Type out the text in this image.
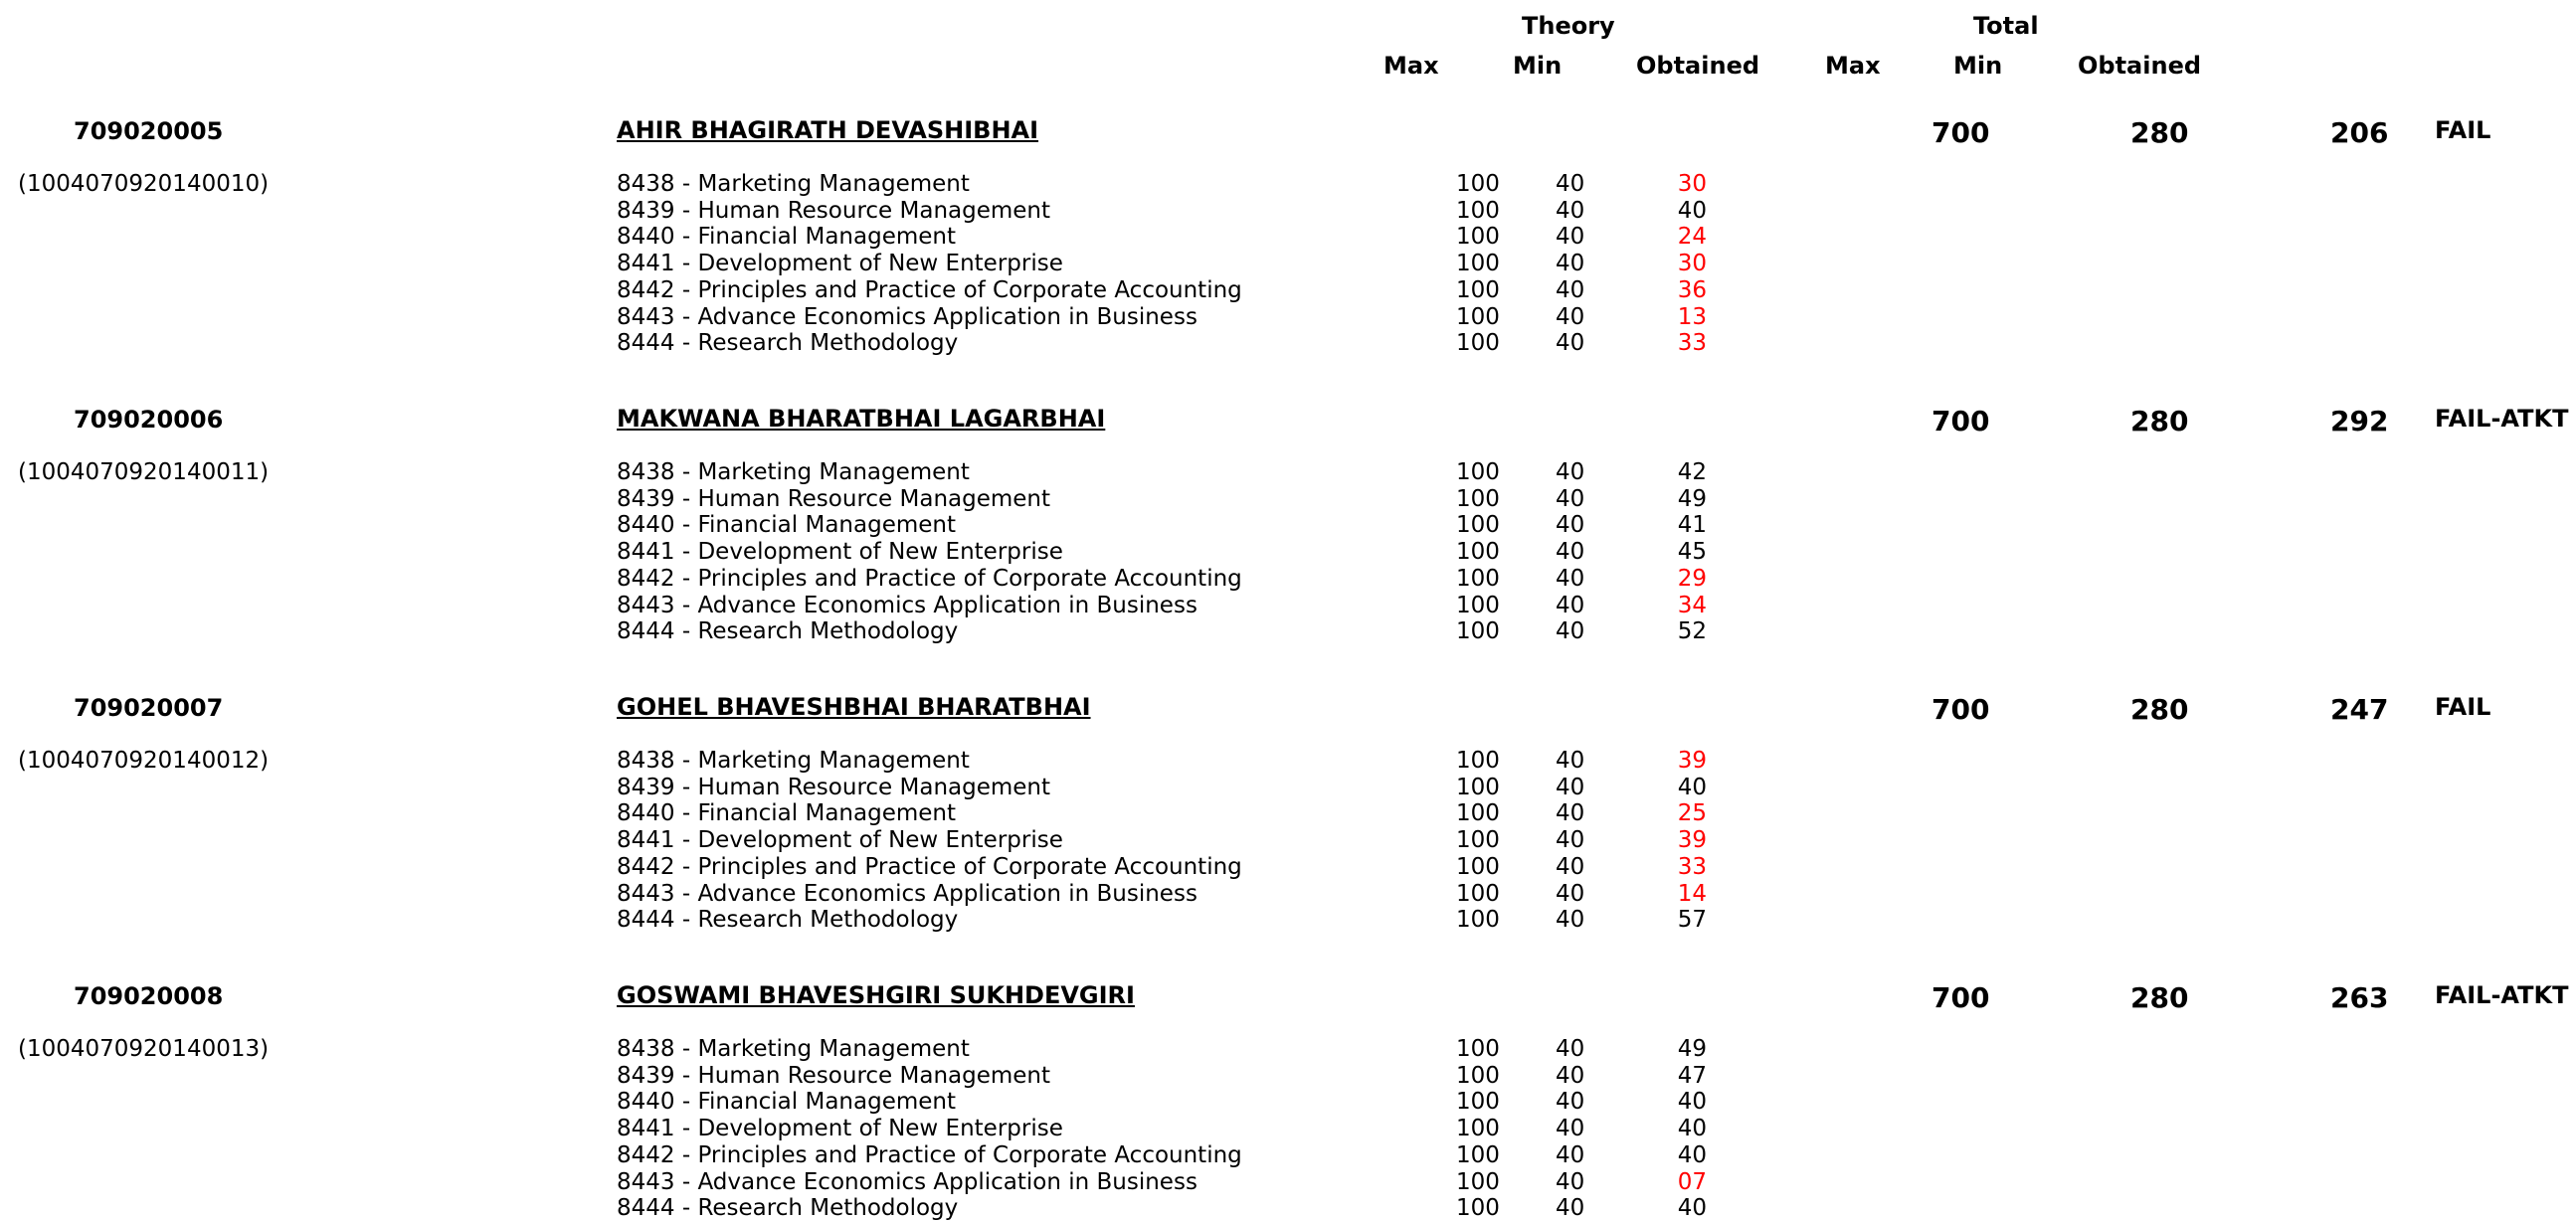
Theory	Total
Max	Min	Obtained	Max	Min	Obtained
709020005
(1004070920140010)
AHIR BHAGIRATH DEVASHIBHAI	700	280	206 FAIL
8438 - Marketing Management	100 40	30
8439 - Human Resource Management	100 40	40
8440 - Financial Management	100 40	24
8441 - Development of New Enterprise	100 40	30
8442 - Principles and Practice of Corporate Accounting	100 40	36
8443 - Advance Economics Application in Business	100 40	13
8444 - Research Methodology	100 40	33
709020006
(1004070920140011)
MAKWANA BHARATBHAI LAGARBHAI	700	280	292 FAIL-ATKT
8438 - Marketing Management	100 40	42
8439 - Human Resource Management	100 40	49
8440 - Financial Management	100 40	41
8441 - Development of New Enterprise	100 40	45
8442 - Principles and Practice of Corporate Accounting	100 40	29
8443 - Advance Economics Application in Business	100 40	34
8444 - Research Methodology	100 40	52
709020007
(1004070920140012)
GOHEL BHAVESHBHAI BHARATBHAI	700	280	247 FAIL
8438 - Marketing Management	100 40	39
8439 - Human Resource Management	100 40	40
8440 - Financial Management	100 40	25
8441 - Development of New Enterprise	100 40	39
8442 - Principles and Practice of Corporate Accounting	100 40	33
8443 - Advance Economics Application in Business	100 40	14
8444 - Research Methodology	100 40	57
709020008
(1004070920140013)
GOSWAMI BHAVESHGIRI SUKHDEVGIRI	700	280	263 FAIL-ATKT
8438 - Marketing Management	100 40	49
8439 - Human Resource Management	100 40	47
8440 - Financial Management	100 40	40
8441 - Development of New Enterprise	100 40	40
8442 - Principles and Practice of Corporate Accounting	100 40	40
8443 - Advance Economics Application in Business	100 40	07
8444 - Research Methodology	100 40	40
